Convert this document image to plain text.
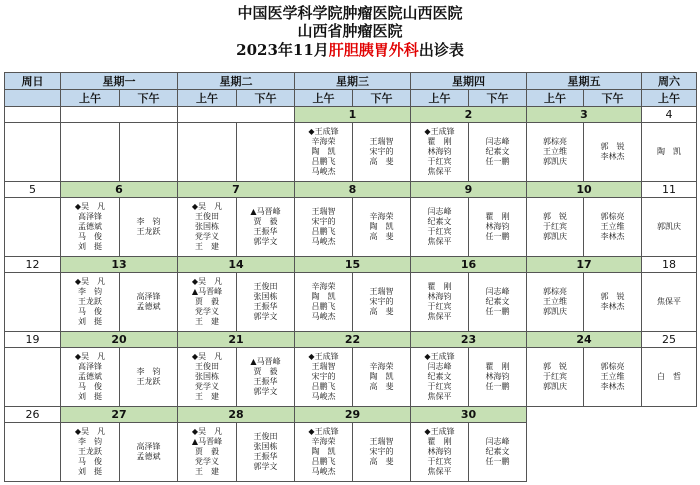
中国医学科学院肿瘤医院山西医院
山西省肿瘤医院
2023年11月肝胆胰胃外科出诊表
周日	星期一		星期二		星期三		星期四		星期五		周六
	上午	下午	上午	下午	上午	下午	上午	下午	上午	下午	上午
					1		2		3		4

					◆王成锋
辛海荣
陶　凯
吕鹏飞
马峻杰	王瑞智
宋宇的
高　斐	◆王成锋
瞿　刚
林海钧
于红宾
焦保平	闫志峰
纪素文
任一鹏	郭棕亮
王立维
郭凯庆	郭　锐
李林杰	陶　凯

5	6		7		8		9		10		11

	◆吴　凡
高泽锋
孟德斌
马　俊
刘　挺	李　钧
王龙跃	◆吴　凡
王俊田
张国栋
党学义
王　建	▲马晋峰
贾　毅
王振华
郭学文	王瑞智
宋宇的
吕鹏飞
马峻杰	辛海荣
陶　凯
高　斐	闫志峰
纪素文
于红宾
焦保平	瞿　刚
林海钧
任一鹏	郭　锐
于红宾
郭凯庆	郭棕亮
王立维
李林杰	郭凯庆

12	13		14		15		16		17		18

	◆吴　凡
李　钧
王龙跃
马　俊
刘　挺	高泽锋
孟德斌	◆吴　凡
▲马晋峰
贾　毅
党学义
王　建	王俊田
张国栋
王振华
郭学文	辛海荣
陶　凯
吕鹏飞
马峻杰	王瑞智
宋宇的
高　斐	瞿　刚
林海钧
于红宾
焦保平	闫志峰
纪素文
任一鹏	郭棕亮
王立维
郭凯庆	郭　锐
李林杰	焦保平

19	20		21		22		23		24		25

	◆吴　凡
高泽锋
孟德斌
马　俊
刘　挺	李　钧
王龙跃	◆吴　凡
王俊田
张国栋
党学义
王　建	▲马晋峰
贾　毅
王振华
郭学文	◆王成锋
王瑞智
宋宇的
吕鹏飞
马峻杰	辛海荣
陶　凯
高　斐	◆王成锋
闫志峰
纪素文
于红宾
焦保平	瞿　刚
林海钧
任一鹏	郭　锐
于红宾
郭凯庆	郭棕亮
王立维
李林杰	白　哲

26	27		28		29		30				

	◆吴　凡
李　钧
王龙跃
马　俊
刘　挺	高泽锋
孟德斌	◆吴　凡
▲马晋峰
贾　毅
党学义
王　建	王俊田
张国栋
王振华
郭学文	◆王成锋
辛海荣
陶　凯
吕鹏飞
马峻杰	王瑞智
宋宇的
高　斐	◆王成锋
瞿　刚
林海钧
于红宾
焦保平	闫志峰
纪素文
任一鹏			
